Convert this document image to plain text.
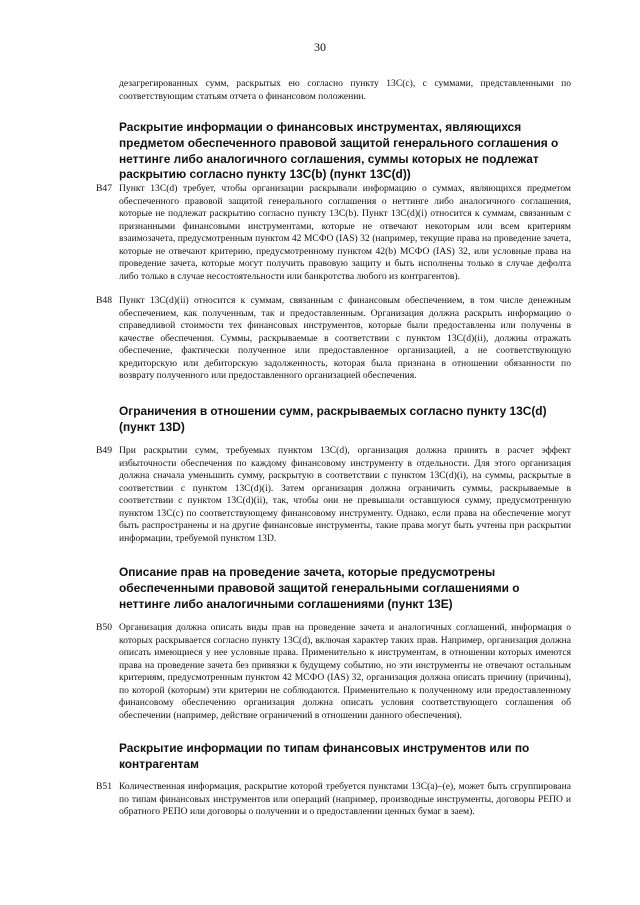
30
дезагрегированных сумм, раскрытых ею согласно пункту 13С(с), с суммами, представленными по соответствующим статьям отчета о финансовом положении.
Раскрытие информации о финансовых инструментах, являющихся предметом обеспеченного правовой защитой генерального соглашения о неттинге либо аналогичного соглашения, суммы которых не подлежат раскрытию согласно пункту 13С(b) (пункт 13С(d))
B47 Пункт 13С(d) требует, чтобы организации раскрывали информацию о суммах, являющихся предметом обеспеченного правовой защитой генерального соглашения о неттинге либо аналогичного соглашения, которые не подлежат раскрытию согласно пункту 13С(b). Пункт 13С(d)(i) относится к суммам, связанным с признанными финансовыми инструментами, которые не отвечают некоторым или всем критериям взаимозачета, предусмотренным пунктом 42 МСФО (IAS) 32 (например, текущие права на проведение зачета, которые не отвечают критерию, предусмотренному пунктом 42(b) МСФО (IAS) 32, или условные права на проведение зачета, которые могут получить правовую защиту и быть исполнены только в случае дефолта либо только в случае несостоятельности или банкротства любого из контрагентов).
B48 Пункт 13С(d)(ii) относится к суммам, связанным с финансовым обеспечением, в том числе денежным обеспечением, как полученным, так и предоставленным. Организация должна раскрыть информацию о справедливой стоимости тех финансовых инструментов, которые были предоставлены или получены в качестве обеспечения. Суммы, раскрываемые в соответствии с пунктом 13С(d)(ii), должны отражать обеспечение, фактически полученное или предоставленное организацией, а не соответствующую кредиторскую или дебиторскую задолженность, которая была признана в отношении обязанности по возврату полученного или предоставленного организацией обеспечения.
Ограничения в отношении сумм, раскрываемых согласно пункту 13С(d) (пункт 13D)
B49 При раскрытии сумм, требуемых пунктом 13С(d), организация должна принять в расчет эффект избыточности обеспечения по каждому финансовому инструменту в отдельности. Для этого организация должна сначала уменьшить сумму, раскрытую в соответствии с пунктом 13С(d)(i), на суммы, раскрытые в соответствии с пунктом 13С(d)(i). Затем организация должна ограничить суммы, раскрываемые в соответствии с пунктом 13С(d)(ii), так, чтобы они не превышали оставшуюся сумму, предусмотренную пунктом 13С(с) по соответствующему финансовому инструменту. Однако, если права на обеспечение могут быть распространены и на другие финансовые инструменты, такие права могут быть учтены при раскрытии информации, требуемой пунктом 13D.
Описание прав на проведение зачета, которые предусмотрены обеспеченными правовой защитой генеральными соглашениями о неттинге либо аналогичными соглашениями (пункт 13Е)
B50 Организация должна описать виды прав на проведение зачета и аналогичных соглашений, информация о которых раскрывается согласно пункту 13С(d), включая характер таких прав. Например, организация должна описать имеющиеся у нее условные права. Применительно к инструментам, в отношении которых имеются права на проведение зачета без привязки к будущему событию, но эти инструменты не отвечают остальным критериям, предусмотренным пунктом 42 МСФО (IAS) 32, организация должна описать причину (причины), по которой (которым) эти критерии не соблюдаются. Применительно к полученному или предоставленному финансовому обеспечению организация должна описать условия соответствующего соглашения об обеспечении (например, действие ограничений в отношении данного обеспечения).
Раскрытие информации по типам финансовых инструментов или по контрагентам
B51 Количественная информация, раскрытие которой требуется пунктами 13С(a)–(e), может быть сгруппирована по типам финансовых инструментов или операций (например, производные инструменты, договоры РЕПО и обратного РЕПО или договоры о получении и о предоставлении ценных бумаг в заем).
